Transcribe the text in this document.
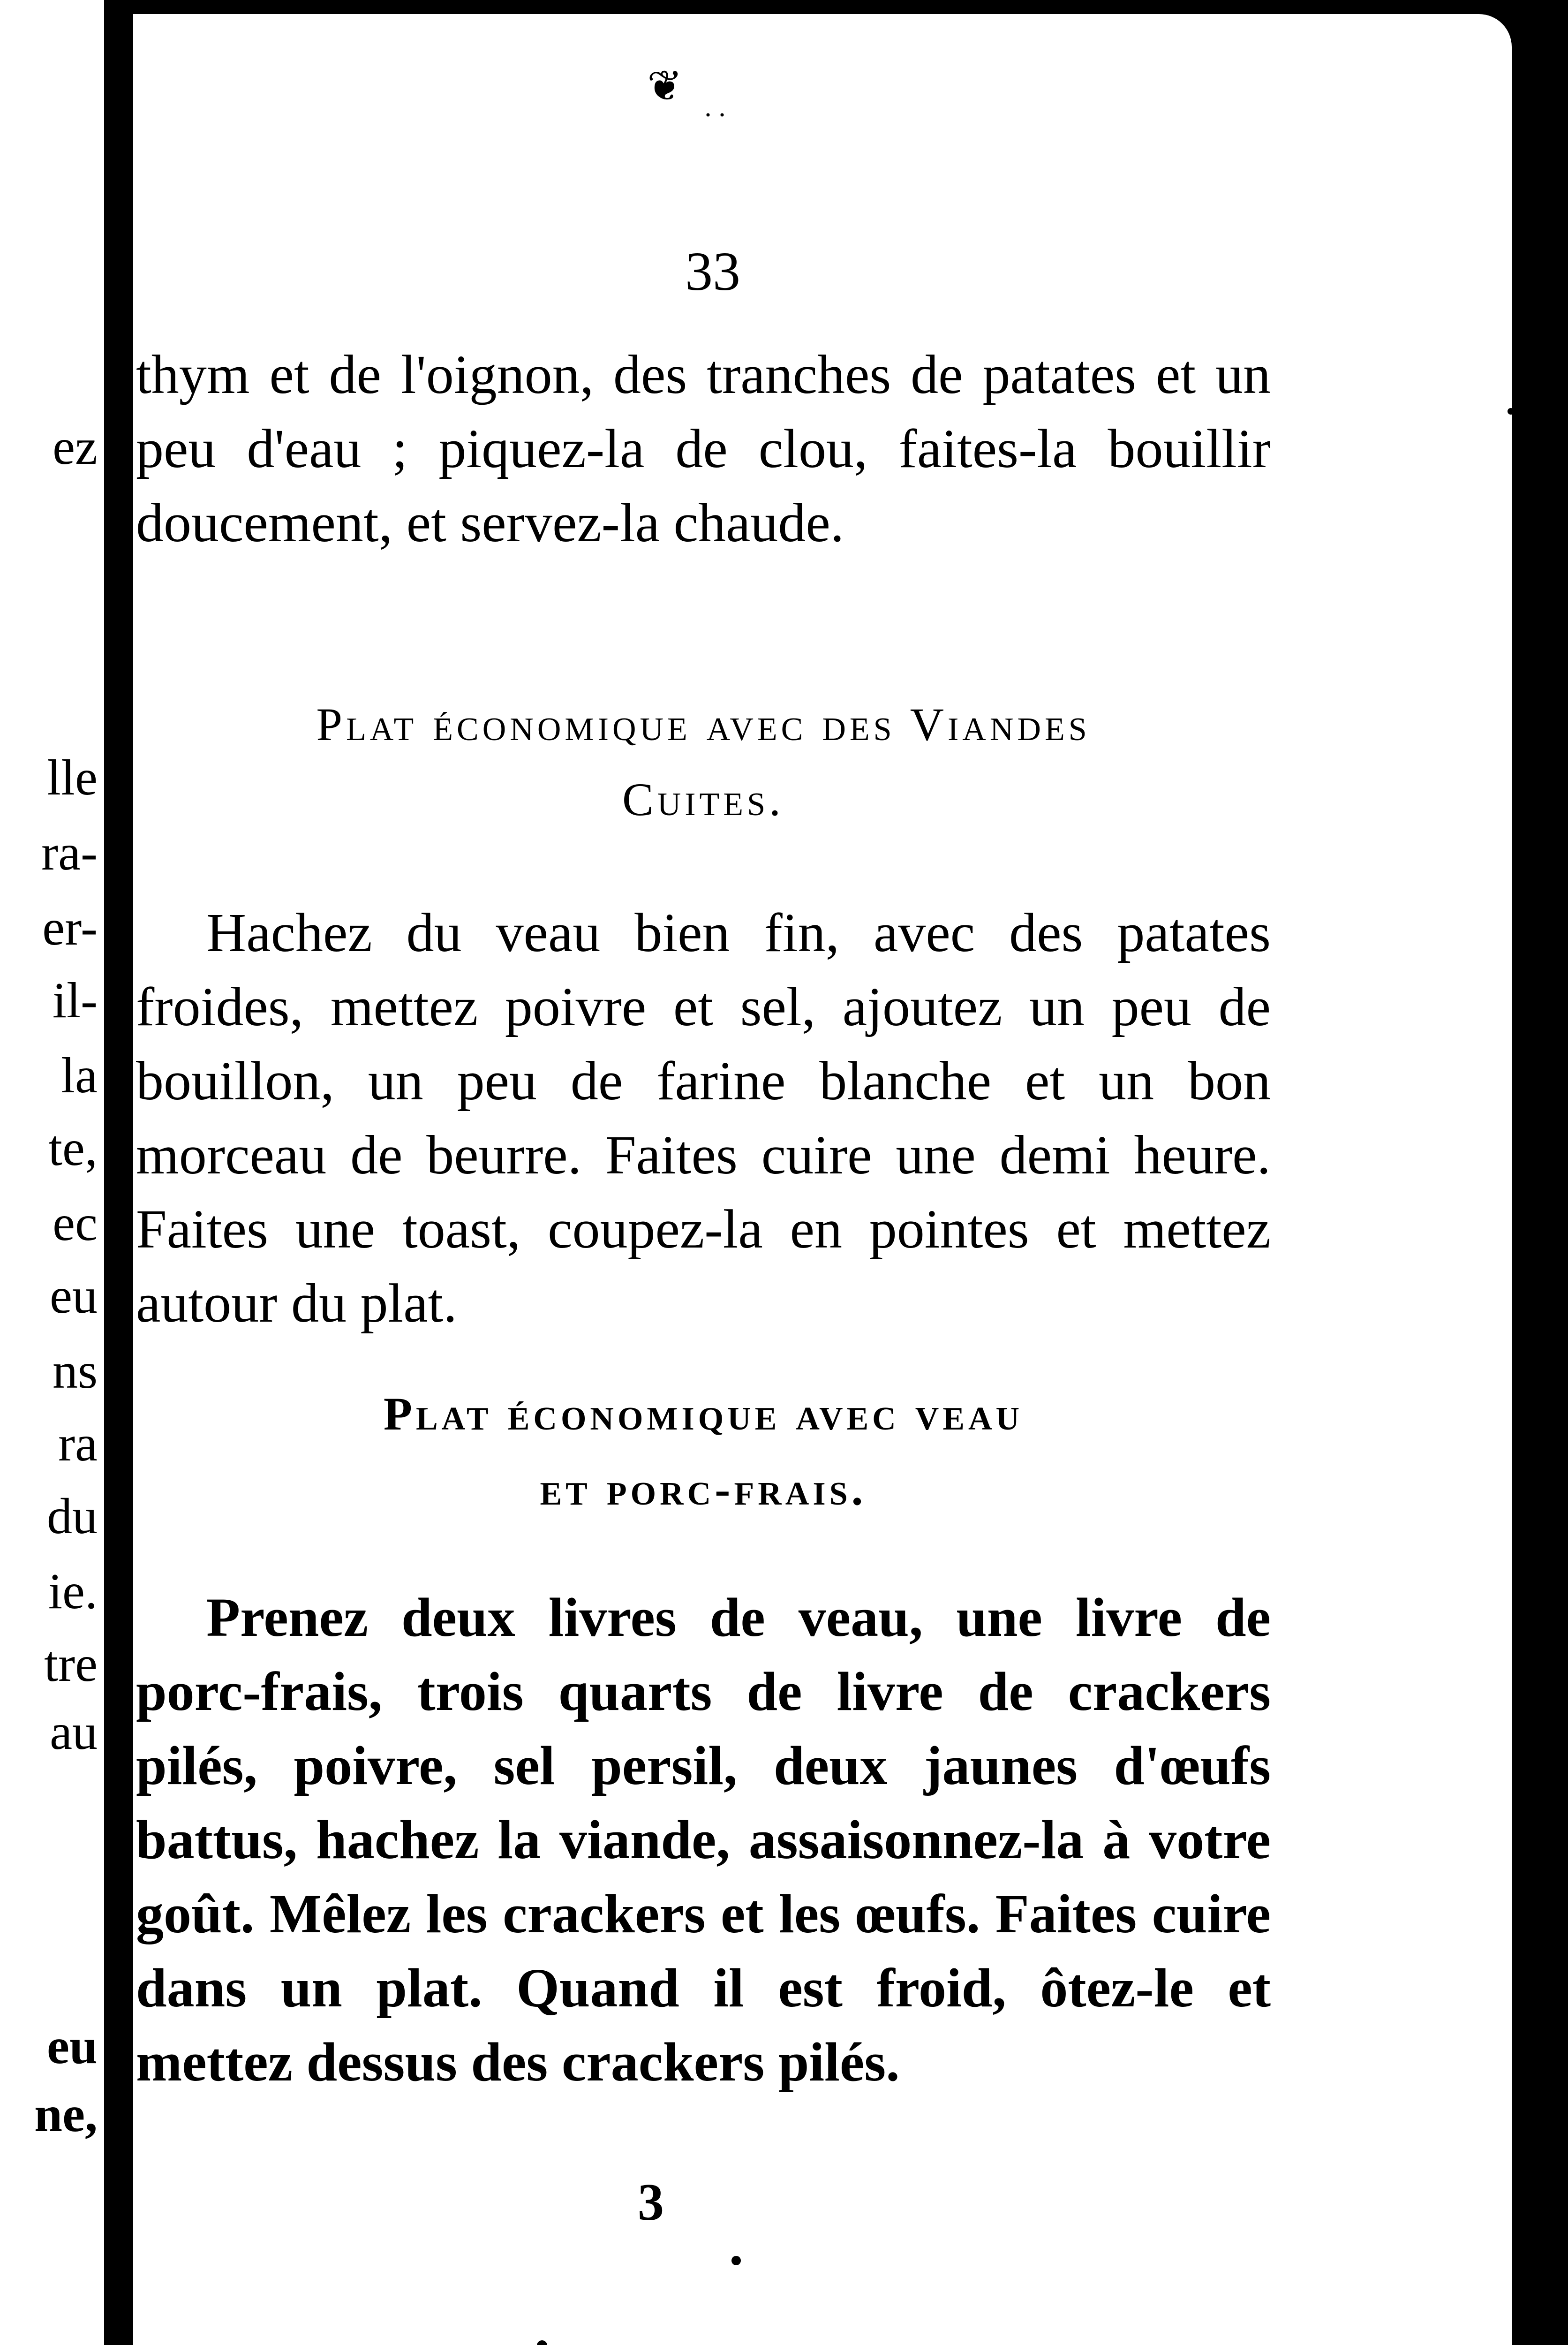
ez
lle
ra-
er-
il-
la
te,
ec
eu
ns
ra
du
ie.
tre
au
eu
ne,
❦
··
33

thym et de l'oignon, des tranches de patates et un peu d'eau ; piquez-la de clou, faites-la bouillir doucement, et servez-la chaude.

Plat économique avec des Viandes
Cuites.

Hachez du veau bien fin, avec des patates froides, mettez poivre et sel, ajoutez un peu de bouillon, un peu de farine blanche et un bon morceau de beurre. Faites cuire une demi heure. Faites une toast, coupez-la en pointes et mettez autour du plat.

Plat économique avec veau
et porc-frais.

Prenez deux livres de veau, une livre de porc-frais, trois quarts de livre de crackers pilés, poivre, sel persil, deux jaunes d'œufs battus, hachez la viande, assaisonnez-la à votre goût. Mêlez les crackers et les œufs. Faites cuire dans un plat. Quand il est froid, ôtez-le et mettez dessus des crackers pilés.

3
